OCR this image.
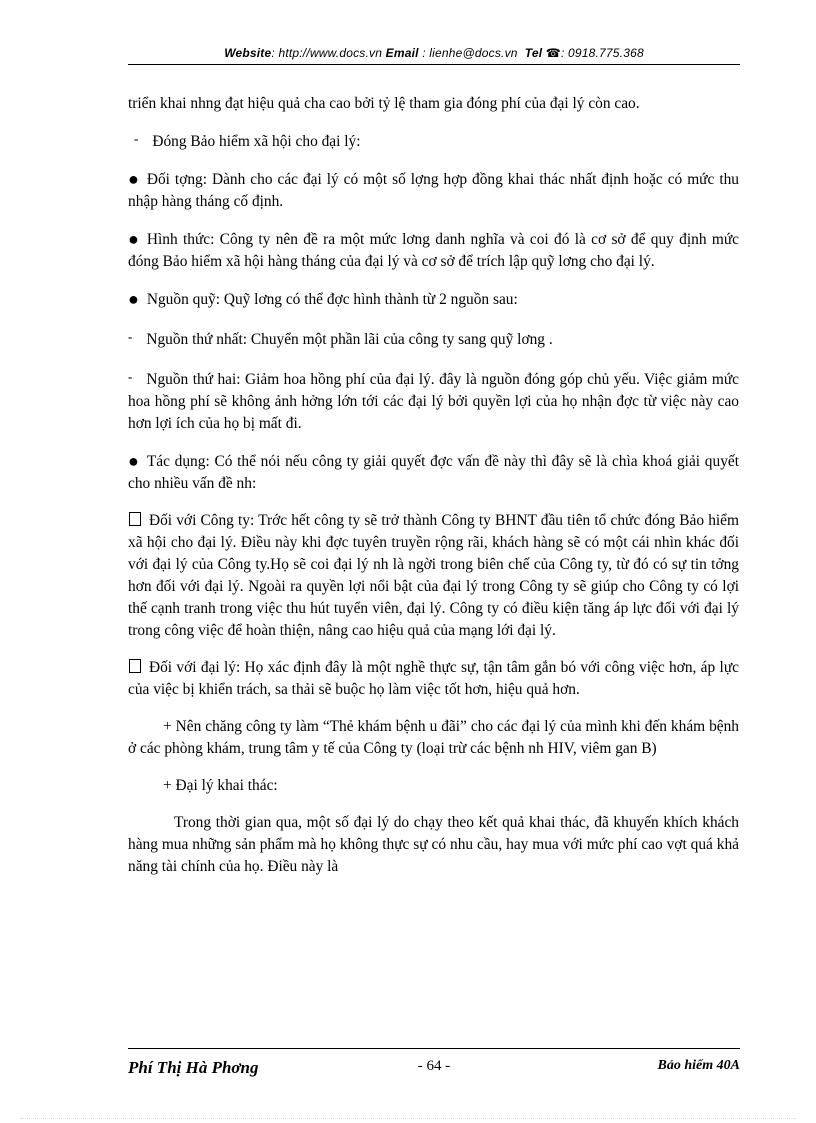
Website: http://www.docs.vn Email : lienhe@docs.vn Tel ☎: 0918.775.368

triển khai nhng đạt hiệu quả cha cao bởi tỷ lệ tham gia đóng phí của đại lý còn cao.

- Đóng Bảo hiểm xã hội cho đại lý:

● Đối tợng: Dành cho các đại lý có một số lợng hợp đồng khai thác nhất định hoặc có mức thu nhập hàng tháng cố định.

● Hình thức: Công ty nên đề ra một mức lơng danh nghĩa và coi đó là cơ sở để quy định mức đóng Bảo hiểm xã hội hàng tháng của đại lý và cơ sở để trích lập quỹ lơng cho đại lý.

● Nguồn quỹ: Quỹ lơng có thể đợc hình thành từ 2 nguồn sau:

- Nguồn thứ nhất: Chuyển một phần lãi của công ty sang quỹ lơng .

- Nguồn thứ hai: Giảm hoa hồng phí của đại lý. đây là nguồn đóng góp chủ yếu. Việc giảm mức hoa hồng phí sẽ không ảnh hởng lớn tới các đại lý bởi quyền lợi của họ nhận đợc từ việc này cao hơn lợi ích của họ bị mất đi.

● Tác dụng: Có thể nói nếu công ty giải quyết đợc vấn đề này thì đây sẽ là chìa khoá giải quyết cho nhiều vấn đề nh:

Đối với Công ty: Trớc hết công ty sẽ trở thành Công ty BHNT đầu tiên tổ chức đóng Bảo hiểm xã hội cho đại lý. Điều này khi đợc tuyên truyền rộng rãi, khách hàng sẽ có một cái nhìn khác đối với đại lý của Công ty.Họ sẽ coi đại lý nh là ngời trong biên chế của Công ty, từ đó có sự tin tởng hơn đối với đại lý. Ngoài ra quyền lợi nổi bật của đại lý trong Công ty sẽ giúp cho Công ty có lợi thế cạnh tranh trong việc thu hút tuyển viên, đại lý. Công ty có điều kiện tăng áp lực đối với đại lý trong công việc để hoàn thiện, nâng cao hiệu quả của mạng lới đại lý.

Đối với đại lý: Họ xác định đây là một nghề thực sự, tận tâm gắn bó với công việc hơn, áp lực của việc bị khiển trách, sa thải sẽ buộc họ làm việc tốt hơn, hiệu quả hơn.

+ Nên chăng công ty làm “Thẻ khám bệnh u đãi” cho các đại lý của mình khi đến khám bệnh ở các phòng khám, trung tâm y tế của Công ty (loại trừ các bệnh nh HIV, viêm gan B)

+ Đại lý khai thác:

Trong thời gian qua, một số đại lý do chạy theo kết quả khai thác, đã khuyến khích khách hàng mua những sản phẩm mà họ không thực sự có nhu cầu, hay mua với mức phí cao vợt quá khả năng tài chính của họ. Điều này là

Phí Thị Hà Phơng	- 64 -	Bảo hiểm 40A
